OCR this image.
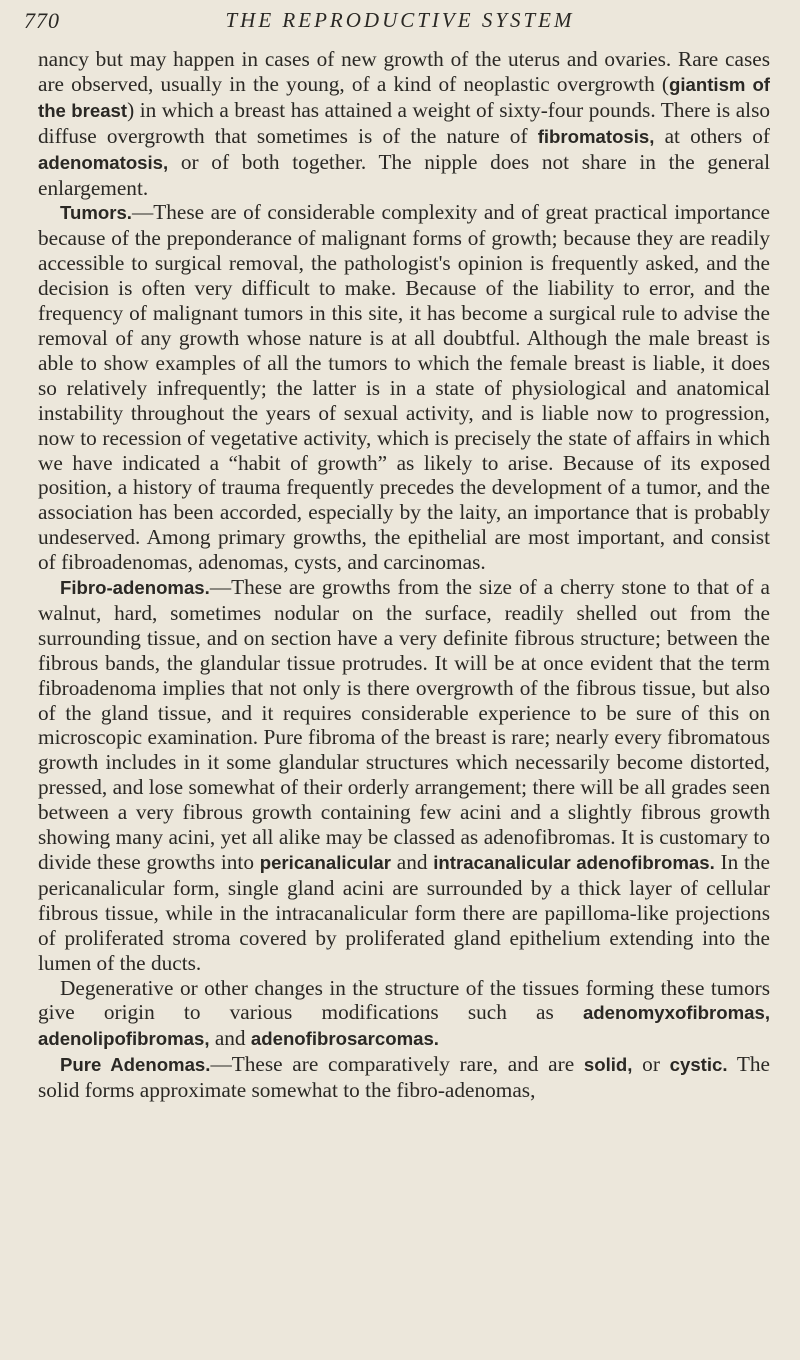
770	THE REPRODUCTIVE SYSTEM

nancy but may happen in cases of new growth of the uterus and ovaries. Rare cases are observed, usually in the young, of a kind of neoplastic overgrowth (giantism of the breast) in which a breast has attained a weight of sixty-four pounds. There is also diffuse overgrowth that sometimes is of the nature of fibromatosis, at others of adenomatosis, or of both together. The nipple does not share in the general enlargement.

Tumors.—These are of considerable complexity and of great practical importance because of the preponderance of malignant forms of growth; because they are readily accessible to surgical removal, the pathologist's opinion is frequently asked, and the decision is often very difficult to make. Because of the liability to error, and the frequency of malignant tumors in this site, it has become a surgical rule to advise the removal of any growth whose nature is at all doubtful. Although the male breast is able to show examples of all the tumors to which the female breast is liable, it does so relatively infrequently; the latter is in a state of physiological and anatomical instability throughout the years of sexual activity, and is liable now to progression, now to recession of vegetative activity, which is precisely the state of affairs in which we have indicated a “habit of growth” as likely to arise. Because of its exposed position, a history of trauma frequently precedes the development of a tumor, and the association has been accorded, especially by the laity, an importance that is probably undeserved. Among primary growths, the epithelial are most important, and consist of fibroadenomas, adenomas, cysts, and carcinomas.

Fibro-adenomas.—These are growths from the size of a cherry stone to that of a walnut, hard, sometimes nodular on the surface, readily shelled out from the surrounding tissue, and on section have a very definite fibrous structure; between the fibrous bands, the glandular tissue protrudes. It will be at once evident that the term fibroadenoma implies that not only is there overgrowth of the fibrous tissue, but also of the gland tissue, and it requires considerable experience to be sure of this on microscopic examination. Pure fibroma of the breast is rare; nearly every fibromatous growth includes in it some glandular structures which necessarily become distorted, pressed, and lose somewhat of their orderly arrangement; there will be all grades seen between a very fibrous growth containing few acini and a slightly fibrous growth showing many acini, yet all alike may be classed as adenofibromas. It is customary to divide these growths into pericanalicular and intracanalicular adenofibromas. In the pericanalicular form, single gland acini are surrounded by a thick layer of cellular fibrous tissue, while in the intracanalicular form there are papilloma-like projections of proliferated stroma covered by proliferated gland epithelium extending into the lumen of the ducts.

Degenerative or other changes in the structure of the tissues forming these tumors give origin to various modifications such as adenomyxofibromas, adenolipofibromas, and adenofibrosarcomas.

Pure Adenomas.—These are comparatively rare, and are solid, or cystic. The solid forms approximate somewhat to the fibro-adenomas,
